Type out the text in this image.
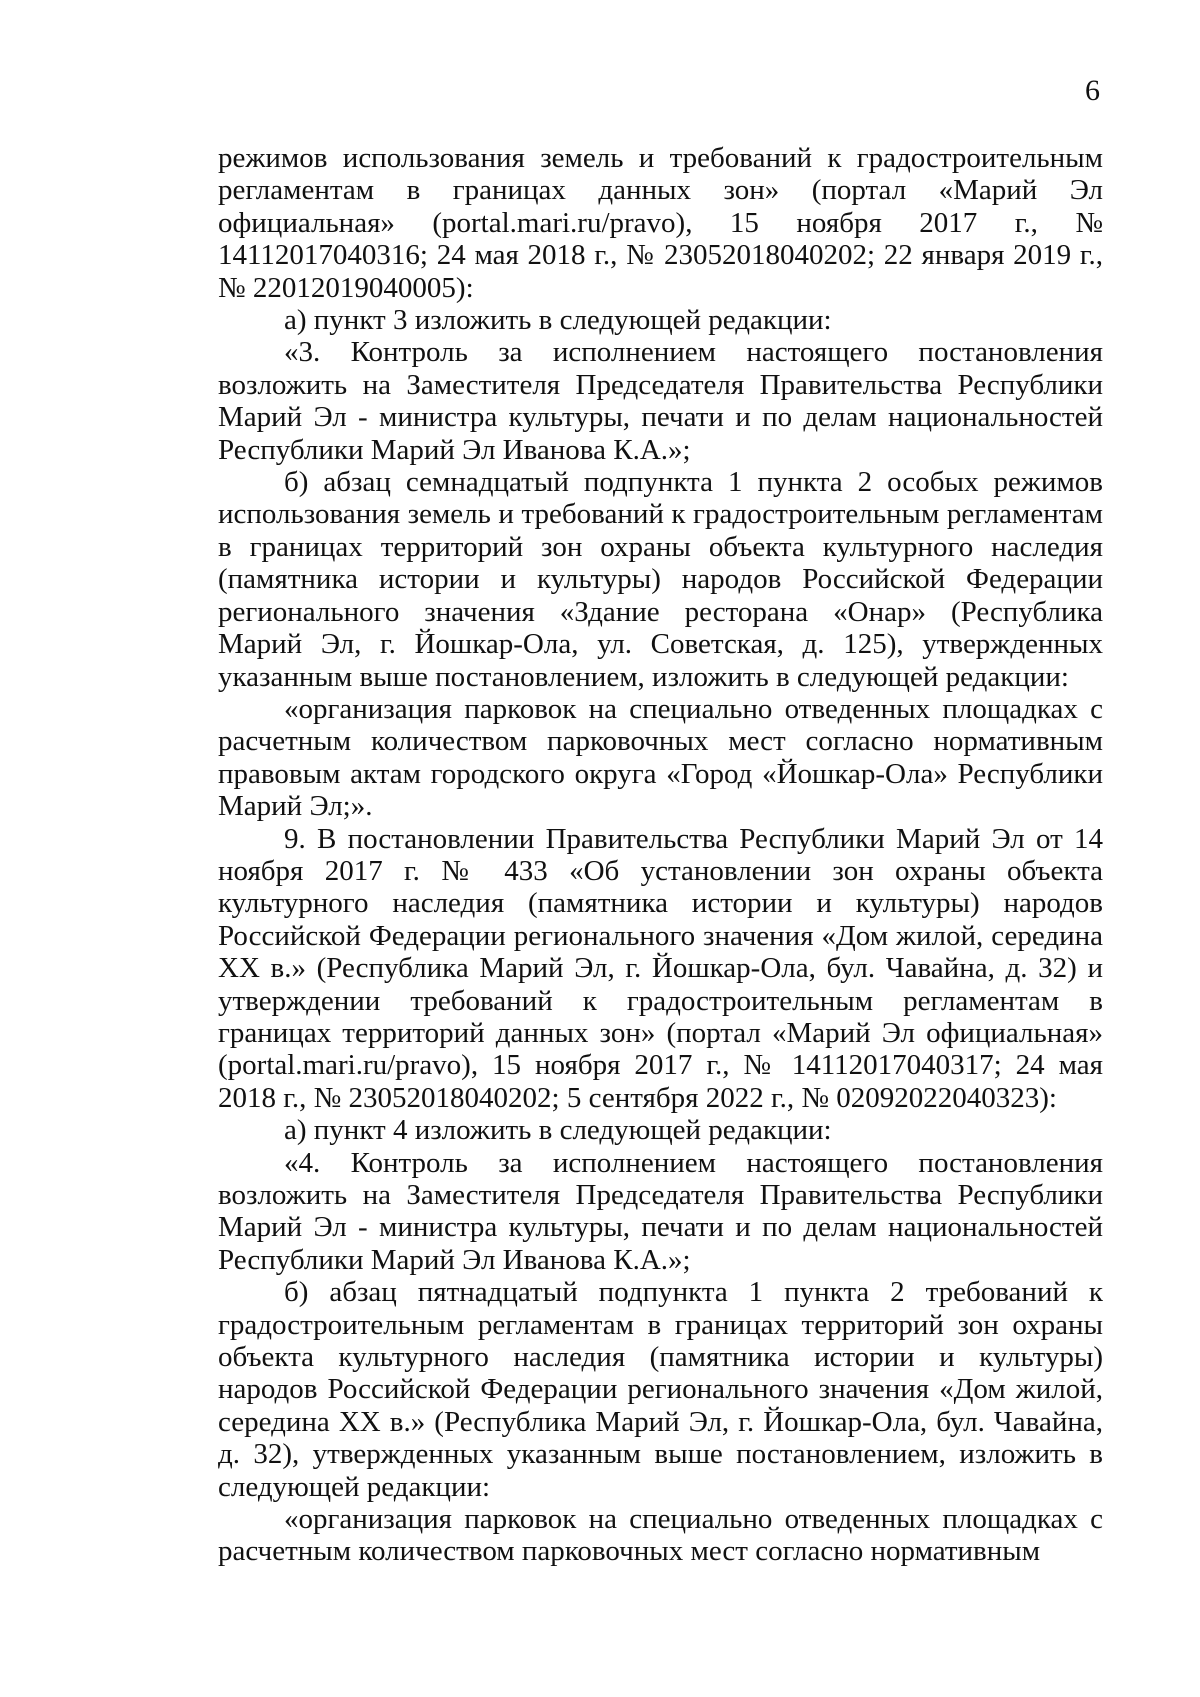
6

режимов использования земель и требований к градостроительным регламентам в границах данных зон» (портал «Марий Эл официальная» (portal.mari.ru/pravo), 15 ноября 2017 г., № 14112017040316; 24 мая 2018 г., № 23052018040202; 22 января 2019 г., № 22012019040005):

а) пункт 3 изложить в следующей редакции:

«3. Контроль за исполнением настоящего постановления возложить на Заместителя Председателя Правительства Республики Марий Эл - министра культуры, печати и по делам национальностей Республики Марий Эл Иванова К.А.»;

б) абзац семнадцатый подпункта 1 пункта 2 особых режимов использования земель и требований к градостроительным регламентам в границах территорий зон охраны объекта культурного наследия (памятника истории и культуры) народов Российской Федерации регионального значения «Здание ресторана «Онар» (Республика Марий Эл, г. Йошкар-Ола, ул. Советская, д. 125), утвержденных указанным выше постановлением, изложить в следующей редакции:

«организация парковок на специально отведенных площадках с расчетным количеством парковочных мест согласно нормативным правовым актам городского округа «Город «Йошкар-Ола» Республики Марий Эл;».

9. В постановлении Правительства Республики Марий Эл от 14 ноября 2017 г. № 433 «Об установлении зон охраны объекта культурного наследия (памятника истории и культуры) народов Российской Федерации регионального значения «Дом жилой, середина XX в.» (Республика Марий Эл, г. Йошкар-Ола, бул. Чавайна, д. 32) и утверждении требований к градостроительным регламентам в границах территорий данных зон» (портал «Марий Эл официальная» (portal.mari.ru/pravo), 15 ноября 2017 г., № 14112017040317; 24 мая 2018 г., № 23052018040202; 5 сентября 2022 г., № 02092022040323):

а) пункт 4 изложить в следующей редакции:

«4. Контроль за исполнением настоящего постановления возложить на Заместителя Председателя Правительства Республики Марий Эл - министра культуры, печати и по делам национальностей Республики Марий Эл Иванова К.А.»;

б) абзац пятнадцатый подпункта 1 пункта 2 требований к градостроительным регламентам в границах территорий зон охраны объекта культурного наследия (памятника истории и культуры) народов Российской Федерации регионального значения «Дом жилой, середина XX в.» (Республика Марий Эл, г. Йошкар-Ола, бул. Чавайна, д. 32), утвержденных указанным выше постановлением, изложить в следующей редакции:

«организация парковок на специально отведенных площадках с расчетным количеством парковочных мест согласно нормативным
